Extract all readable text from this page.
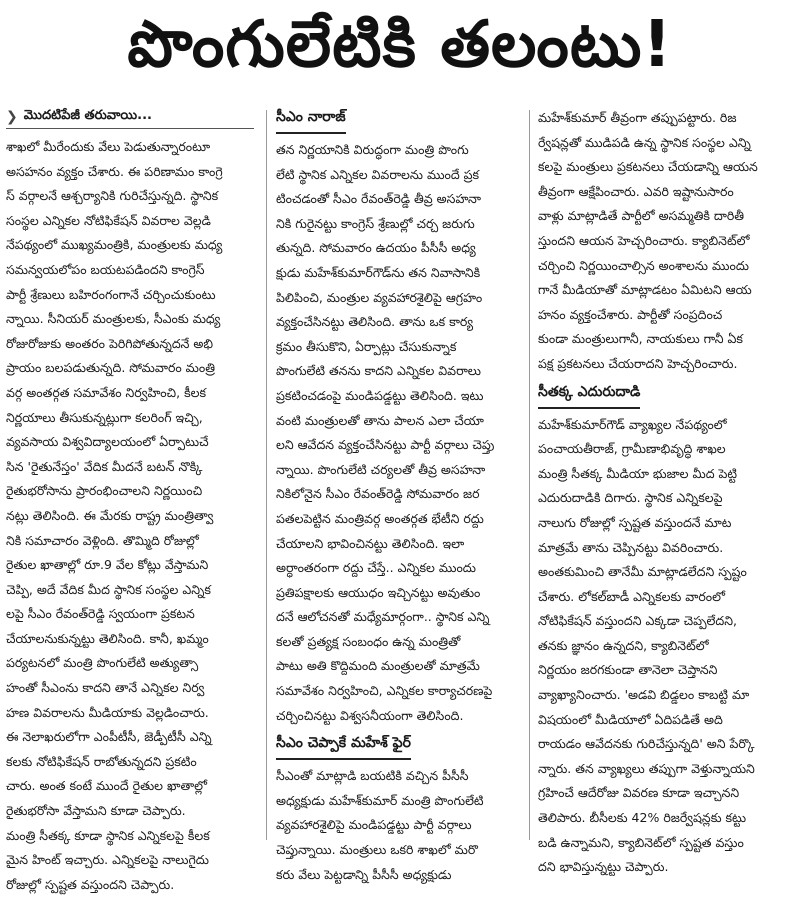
పొంగులేటికి తలంటు!
❯ మొదటిపేజీ తరువాయి...
శాఖలో మీరేందుకు వేలు పెడుతున్నారంటూ
అసహనం వ్యక్తం చేశారు. ఈ పరిణామం కాంగ్రె
స్ వర్గాలనే ఆశ్చర్యానికి గురిచేస్తున్నది. స్థానిక
సంస్థల ఎన్నికల నోటిఫికేషన్ వివరాల వెల్లడి
నేపథ్యంలో ముఖ్యమంత్రికి, మంత్రులకు మధ్య
సమన్వయలోపం బయటపడిందని కాంగ్రెస్
పార్టీ శ్రేణులు బహిరంగంగానే చర్చించుకుంటు
న్నాయి. సీనియర్ మంత్రులకు, సీఎంకు మధ్య
రోజురోజుకు అంతరం పెరిగిపోతున్నదనే అభి
ప్రాయం బలపడుతున్నది. సోమవారం మంత్రి
వర్గ అంతర్గత సమావేశం నిర్వహించి, కీలక
నిర్ణయాలు తీసుకున్నట్లుగా కలరింగ్ ఇచ్చి,
వ్యవసాయ విశ్వవిద్యాలయంలో ఏర్పాటుచే
సిన 'రైతునేస్తం' వేదిక మీదనే బటన్ నొక్కి
రైతుభరోసాను ప్రారంభించాలని నిర్ణయించి
నట్లు తెలిసింది. ఈ మేరకు రాష్ట్ర మంత్రిత్వా
నికి సమాచారం వెళ్లింది. తొమ్మిది రోజుల్లో
రైతుల ఖాతాల్లో రూ.9 వేల కోట్లు వేస్తామని
చెప్పి, అదే వేదిక మీద స్థానిక సంస్థల ఎన్నిక
లపై సీఎం రేవంత్‌రెడ్డి స్వయంగా ప్రకటన
చేయాలనుకున్నట్టు తెలిసింది. కానీ, ఖమ్మం
పర్యటనలో మంత్రి పొంగులేటి అత్యుత్సా
హంతో సీఎంను కాదని తానే ఎన్నికల నిర్వ
హణ వివరాలను మీడియాకు వెల్లడించారు.
ఈ నెలాఖరులోగా ఎంపీటీసీ, జెడ్పీటీసీ ఎన్ని
కలకు నోటిఫికేషన్ రాబోతున్నదని ప్రకటిం
చారు. అంత కంటే ముందే రైతుల ఖాతాల్లో
రైతుభరోసా వేస్తామని కూడా చెప్పారు.
మంత్రి సీతక్క కూడా స్థానిక ఎన్నికలపై కీలక
మైన హింట్ ఇచ్చారు. ఎన్నికలపై నాలుగైదు
రోజుల్లో స్పష్టత వస్తుందని చెప్పారు.
సీఎం నారాజ్
తన నిర్ణయానికి విరుద్ధంగా మంత్రి పొంగు
లేటి స్థానిక ఎన్నికల వివరాలను ముందే ప్రక
టించడంతో సీఎం రేవంత్‌రెడ్డి తీవ్ర అసహనా
నికి గురైనట్టు కాంగ్రెస్ శ్రేణుల్లో చర్చ జరుగు
తున్నది. సోమవారం ఉదయం పీసీసీ అధ్య
క్షుడు మహేశ్‌కుమార్‌గౌడ్‌ను తన నివాసానికి
పిలిపించి, మంత్రుల వ్యవహారశైలిపై ఆగ్రహం
వ్యక్తంచేసినట్టు తెలిసింది. తాను ఒక కార్య
క్రమం తీసుకొని, ఏర్పాట్లు చేసుకున్నాక
పొంగులేటి తనను కాదని ఎన్నికల వివరాలు
ప్రకటించడంపై మండిపడ్డట్టు తెలిసింది. ఇటు
వంటి మంత్రులతో తాను పాలన ఎలా చేయా
లని ఆవేదన వ్యక్తంచేసినట్టు పార్టీ వర్గాలు చెప్తు
న్నాయి. పొంగులేటి చర్యలతో తీవ్ర అసహనా
నికిలోనైన సీఎం రేవంత్‌రెడ్డి సోమవారం జర
పతలపెట్టిన మంత్రివర్గ అంతర్గత భేటీని రద్దు
చేయాలని భావించినట్టు తెలిసింది. ఇలా
అర్ధాంతరంగా రద్దు చేస్తే.. ఎన్నికల ముందు
ప్రతిపక్షాలకు ఆయుధం ఇచ్చినట్టు అవుతుం
దనే ఆలోచనతో మధ్యేమార్గంగా.. స్థానిక ఎన్ని
కలతో ప్రత్యక్ష సంబంధం ఉన్న మంత్రితో
పాటు అతి కొద్దిమంది మంత్రులతో మాత్రమే
సమావేశం నిర్వహించి, ఎన్నికల కార్యాచరణపై
చర్చించినట్టు విశ్వసనీయంగా తెలిసింది.
సీఎం చెప్పాకే మహేశ్ ఫైర్
సీఎంతో మాట్లాడి బయటికి వచ్చిన పీసీసీ
అధ్యక్షుడు మహేశ్‌కుమార్ మంత్రి పొంగులేటి
వ్యవహారశైలిపై మండిపడ్డట్టు పార్టీ వర్గాలు
చెప్తున్నాయి. మంత్రులు ఒకరి శాఖలో మరొ
కరు వేలు పెట్టడాన్ని పీసీసీ అధ్యక్షుడు
మహేశ్‌కుమార్ తీవ్రంగా తప్పుపట్టారు. రిజ
ర్వేషన్లతో ముడిపడి ఉన్న స్థానిక సంస్థల ఎన్ని
కలపై మంత్రులు ప్రకటనలు చేయడాన్ని ఆయన
తీవ్రంగా ఆక్షేపించారు. ఎవరి ఇష్టానుసారం
వాళ్లు మాట్లాడితే పార్టీలో అసమ్మతికి దారితీ
స్తుందని ఆయన హెచ్చరించారు. క్యాబినెట్‌లో
చర్చించి నిర్ణయించాల్సిన అంశాలను ముందు
గానే మీడియాతో మాట్లాడటం ఏమిటని ఆయ
హనం వ్యక్తంచేశారు. పార్టీతో సంప్రదించ
కుండా మంత్రులుగానీ, నాయకులు గానీ ఏక
పక్ష ప్రకటనలు చేయరాదని హెచ్చరించారు.
సీతక్క ఎదురుదాడి
మహేశ్‌కుమార్‌గౌడ్ వ్యాఖ్యల నేపథ్యంలో
పంచాయతీరాజ్, గ్రామీణాభివృద్ధి శాఖల
మంత్రి సీతక్క మీడియా భుజాల మీద పెట్టి
ఎదురుదాడికి దిగారు. స్థానిక ఎన్నికలపై
నాలుగు రోజుల్లో స్పష్టత వస్తుందనే మాట
మాత్రమే తాను చెప్పినట్టు వివరించారు.
అంతకుమించి తానేమీ మాట్లాడలేదని స్పష్టం
చేశారు. లోకల్‌బాడీ ఎన్నికలకు వారంలో
నోటిఫికేషన్ వస్తుందని ఎక్కడా చెప్పలేదని,
తనకు జ్ఞానం ఉన్నదని, క్యాబినెట్‌లో
నిర్ణయం జరగకుండా తానెలా చెప్తానని
వ్యాఖ్యానించారు. 'అడవి బిడ్డలం కాబట్టి మా
విషయంలో మీడియాలో ఏదిపడితే అది
రాయడం ఆవేదనకు గురిచేస్తున్నది' అని పేర్కొ
న్నారు. తన వ్యాఖ్యలు తప్పుగా వెళ్తున్నాయని
గ్రహించే ఆదేరోజు వివరణ కూడా ఇచ్చానని
తెలిపారు. బీసీలకు 42% రిజర్వేషన్లకు కట్టు
బడి ఉన్నామని, క్యాబినెట్‌లో స్పష్టత వస్తుం
దని భావిస్తున్నట్టు చెప్పారు.
